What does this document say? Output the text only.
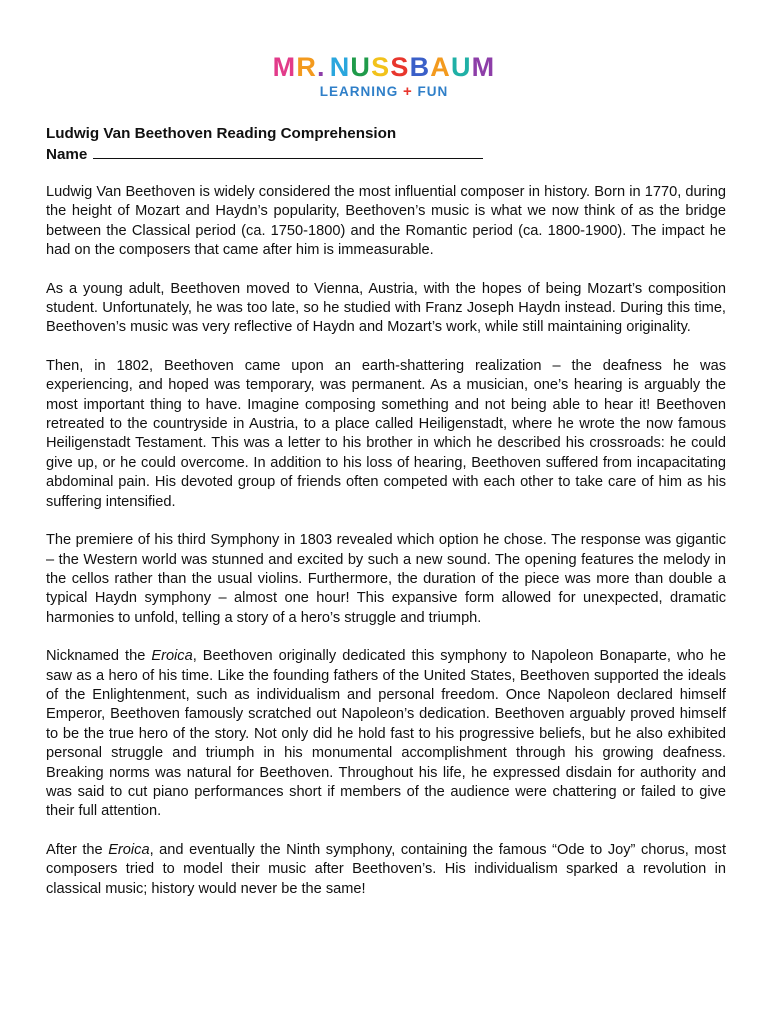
MR. NUSSBAUM
LEARNING + FUN
Ludwig Van Beethoven Reading Comprehension
Name

Ludwig Van Beethoven is widely considered the most influential composer in history. Born in 1770, during the height of Mozart and Haydn’s popularity, Beethoven’s music is what we now think of as the bridge between the Classical period (ca. 1750-1800) and the Romantic period (ca. 1800-1900). The impact he had on the composers that came after him is immeasurable.

As a young adult, Beethoven moved to Vienna, Austria, with the hopes of being Mozart’s composition student. Unfortunately, he was too late, so he studied with Franz Joseph Haydn instead. During this time, Beethoven’s music was very reflective of Haydn and Mozart’s work, while still maintaining originality.

Then, in 1802, Beethoven came upon an earth-shattering realization – the deafness he was experiencing, and hoped was temporary, was permanent. As a musician, one’s hearing is arguably the most important thing to have. Imagine composing something and not being able to hear it! Beethoven retreated to the countryside in Austria, to a place called Heiligenstadt, where he wrote the now famous Heiligenstadt Testament. This was a letter to his brother in which he described his crossroads: he could give up, or he could overcome. In addition to his loss of hearing, Beethoven suffered from incapacitating abdominal pain. His devoted group of friends often competed with each other to take care of him as his suffering intensified.

The premiere of his third Symphony in 1803 revealed which option he chose. The response was gigantic – the Western world was stunned and excited by such a new sound. The opening features the melody in the cellos rather than the usual violins. Furthermore, the duration of the piece was more than double a typical Haydn symphony – almost one hour! This expansive form allowed for unexpected, dramatic harmonies to unfold, telling a story of a hero’s struggle and triumph.

Nicknamed the Eroica, Beethoven originally dedicated this symphony to Napoleon Bonaparte, who he saw as a hero of his time. Like the founding fathers of the United States, Beethoven supported the ideals of the Enlightenment, such as individualism and personal freedom. Once Napoleon declared himself Emperor, Beethoven famously scratched out Napoleon’s dedication. Beethoven arguably proved himself to be the true hero of the story. Not only did he hold fast to his progressive beliefs, but he also exhibited personal struggle and triumph in his monumental accomplishment through his growing deafness. Breaking norms was natural for Beethoven. Throughout his life, he expressed disdain for authority and was said to cut piano performances short if members of the audience were chattering or failed to give their full attention.

After the Eroica, and eventually the Ninth symphony, containing the famous “Ode to Joy” chorus, most composers tried to model their music after Beethoven’s. His individualism sparked a revolution in classical music; history would never be the same!
